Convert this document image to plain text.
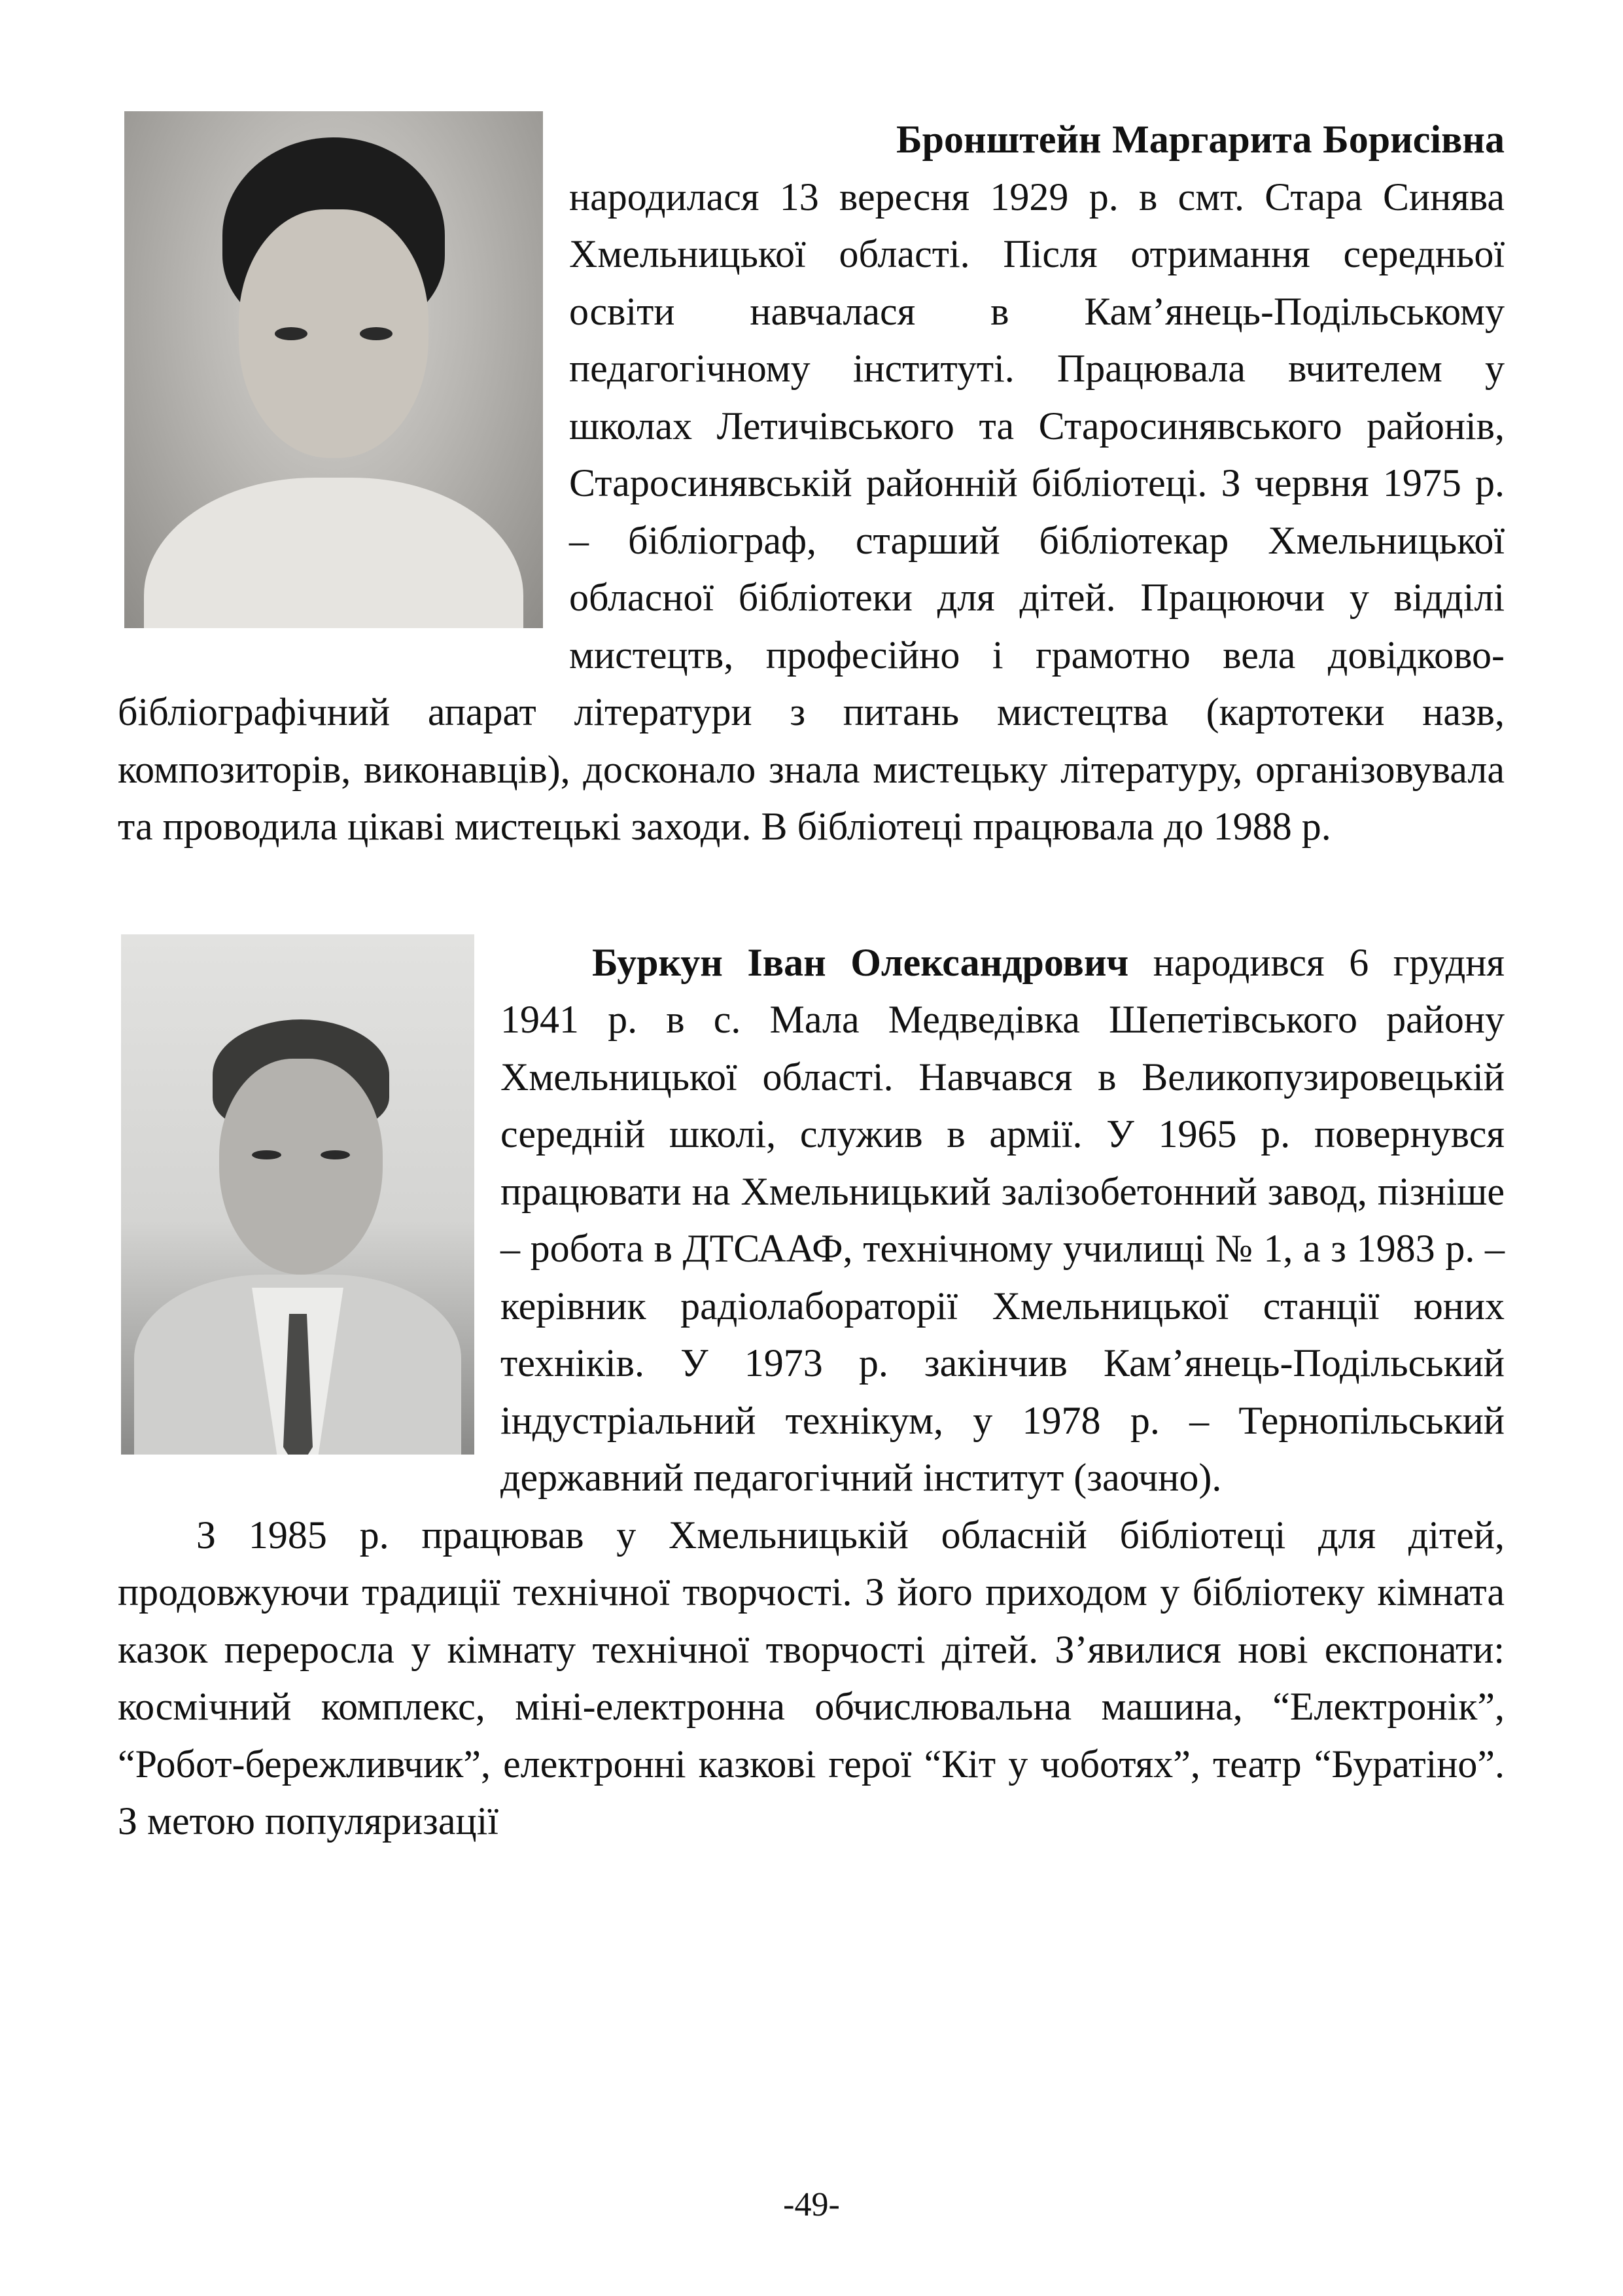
Бронштейн Маргарита Борисівна народилася 13 вересня 1929 р. в смт. Стара Синява Хмельницької області. Після отримання середньої освіти навчалася в Кам’янець-Подільському педагогічному інституті. Працювала вчителем у школах Летичівського та Старосинявського районів, Старосинявській районній бібліотеці. З червня 1975 р. – бібліограф, старший бібліотекар Хмельницької обласної бібліотеки для дітей. Працюючи у відділі мистецтв, професійно і грамотно вела довідково-бібліографічний апарат літератури з питань мистецтва (картотеки назв, композиторів, виконавців), досконало знала мистецьку літературу, організовувала та проводила цікаві мистецькі заходи. В бібліотеці працювала до 1988 р.

Буркун Іван Олександрович народився 6 грудня 1941 р. в с. Мала Медведівка Шепетівського району Хмельницької області. Навчався в Великопузировецькій середній школі, служив в армії. У 1965 р. повернувся працювати на Хмельницький залізобетонний завод, пізніше – робота в ДТСААФ, технічному училищі № 1, а з 1983 р. – керівник радіолабораторії Хмельницької станції юних техніків. У 1973 р. закінчив Кам’янець-Подільський індустріальний технікум, у 1978 р. – Тернопільський державний педагогічний інститут (заочно).

З 1985 р. працював у Хмельницькій обласній бібліотеці для дітей, продовжуючи традиції технічної творчості. З його приходом у бібліотеку кімната казок переросла у кімнату технічної творчості дітей. З’явилися нові експонати: космічний комплекс, міні-електронна обчислювальна машина, “Електронік”, “Робот-бережливчик”, електронні казкові герої “Кіт у чоботях”, театр “Буратіно”. З метою популяризації

-49-
